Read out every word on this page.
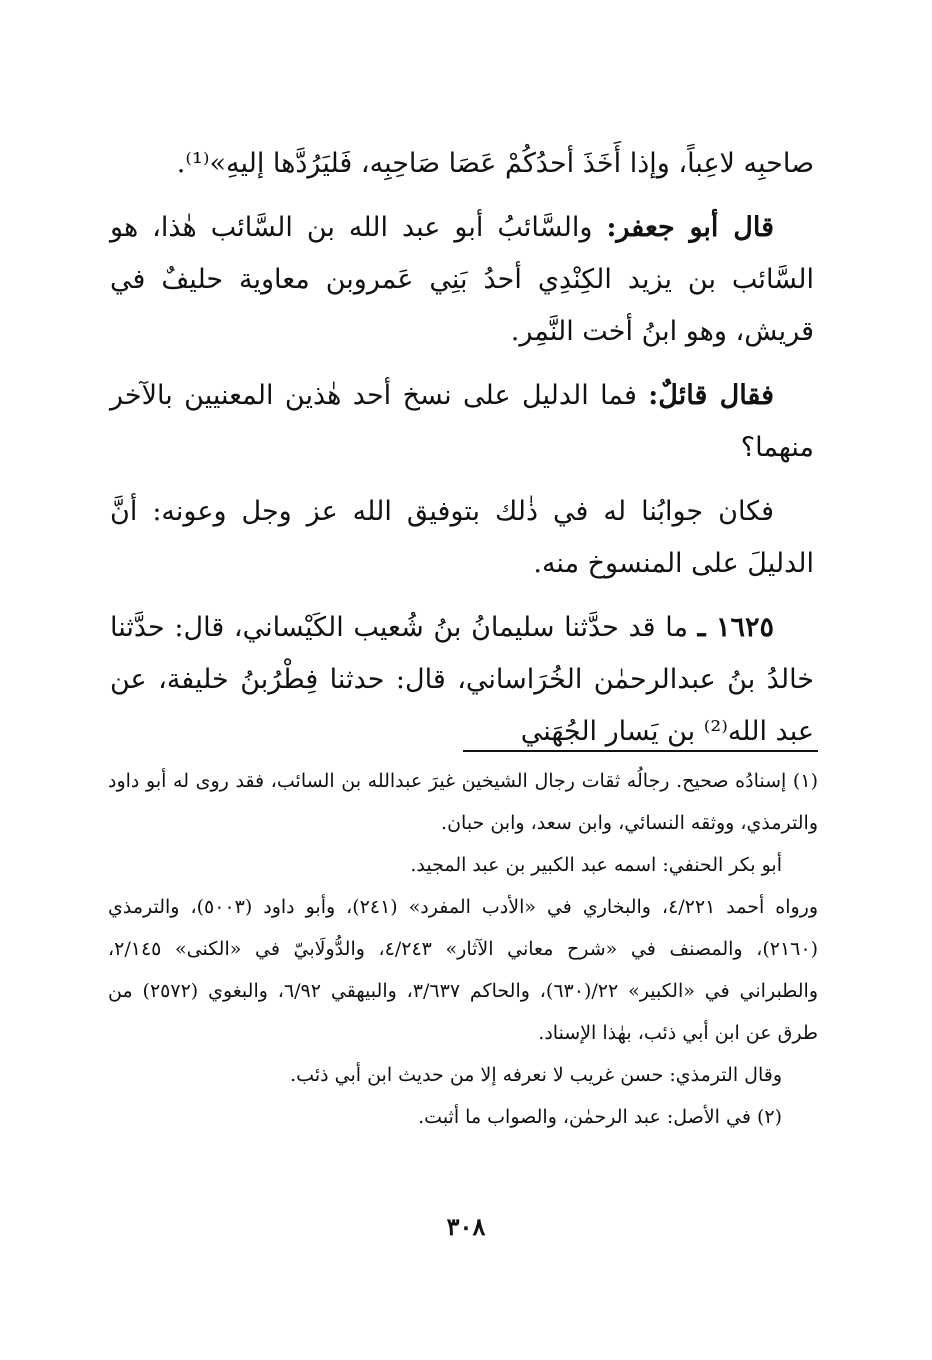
صاحبِه لاعِباً، وإذا أَخَذَ أحدُكُمْ عَصَا صَاحِبِه، فَليَرُدَّها إليهِ»⁽¹⁾.

قال أبو جعفر: والسَّائبُ أبو عبد الله بن السَّائب هٰذا، هو السَّائب بن يزيد الكِنْدِي أحدُ بَنِي عَمروبن معاوية حليفٌ في قريش، وهو ابنُ أخت النَّمِر.

فقال قائلٌ: فما الدليل على نسخ أحد هٰذين المعنيين بالآخر منهما؟

فكان جوابُنا له في ذٰلك بتوفيق الله عز وجل وعونه: أنَّ الدليلَ على المنسوخ منه.

١٦٢٥ ـ ما قد حدَّثنا سليمانُ بنُ شُعيب الكَيْساني، قال: حدَّثنا خالدُ بنُ عبدالرحمٰن الخُرَاساني، قال: حدثنا فِطْرُبنُ خليفة، عن عبد الله⁽²⁾ بن يَسار الجُهَني

(١) إسنادُه صحيح. رجالُه ثقات رجال الشيخين غيرَ عبدالله بن السائب، فقد روى له أبو داود والترمذي، ووثقه النسائي، وابن سعد، وابن حبان.

أبو بكر الحنفي: اسمه عبد الكبير بن عبد المجيد.

ورواه أحمد ٤/٢٢١، والبخاري في «الأدب المفرد» (٢٤١)، وأبو داود (٥٠٠٣)، والترمذي (٢١٦٠)، والمصنف في «شرح معاني الآثار» ٤/٢٤٣، والدُّولَابيّ في «الكنى» ٢/١٤٥، والطبراني في «الكبير» ٢٢/(٦٣٠)، والحاكم ٣/٦٣٧، والبيهقي ٦/٩٢، والبغوي (٢٥٧٢) من طرق عن ابن أبي ذئب، بهٰذا الإسناد.

وقال الترمذي: حسن غريب لا نعرفه إلا من حديث ابن أبي ذئب.

(٢) في الأصل: عبد الرحمٰن، والصواب ما أثبت.

٣٠٨
